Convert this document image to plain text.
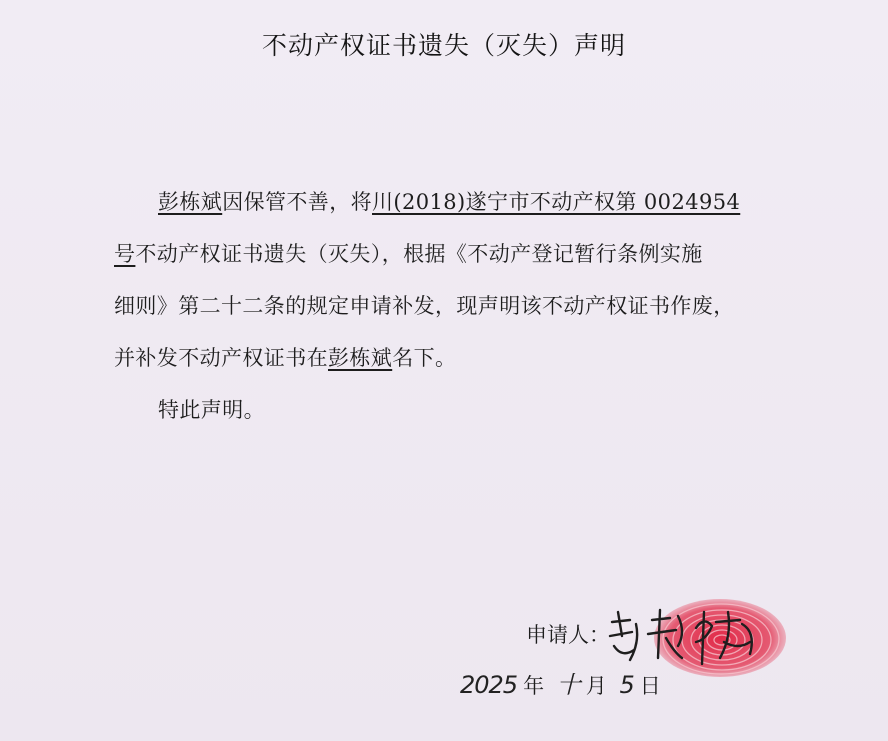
不动产权证书遗失（灭失）声明
彭栋斌因保管不善，将川(2018)遂宁市不动产权第 0024954
号不动产权证书遗失（灭失），根据《不动产登记暂行条例实施
细则》第二十二条的规定申请补发，现声明该不动产权证书作废，
并补发不动产权证书在彭栋斌名下。
特此声明。
申请人：
2025 年 十 月 5 日
